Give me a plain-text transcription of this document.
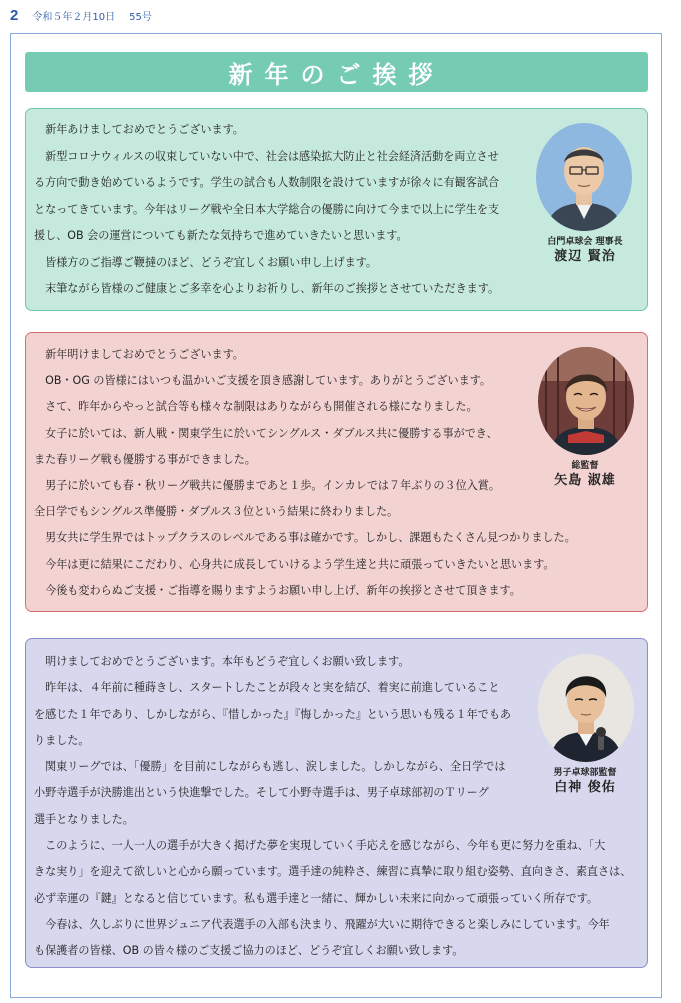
2 令和５年２月10日 55号
新年のご挨拶
　新年あけましておめでとうございます。
　新型コロナウィルスの収束していない中で、社会は感染拡大防止と社会経済活動を両立させ
る方向で動き始めているようです。学生の試合も人数制限を設けていますが徐々に有観客試合
となってきています。今年はリーグ戦や全日本大学総合の優勝に向けて今まで以上に学生を支
援し、OB 会の運営についても新たな気持ちで進めていきたいと思います。
　皆様方のご指導ご鞭撻のほど、どうぞ宜しくお願い申し上げます。
　末筆ながら皆様のご健康とご多幸を心よりお祈りし、新年のご挨拶とさせていただきます。
白門卓球会 理事長
渡辺 賢治
　新年明けましておめでとうございます。
　OB・OG の皆様にはいつも温かいご支援を頂き感謝しています。ありがとうございます。
　さて、昨年からやっと試合等も様々な制限はありながらも開催される様になりました。
　女子に於いては、新人戦・関東学生に於いてシングルス・ダブルス共に優勝する事ができ、
また春リーグ戦も優勝する事ができました。
　男子に於いても春・秋リーグ戦共に優勝まであと１歩。インカレでは７年ぶりの３位入賞。
全日学でもシングルス準優勝・ダブルス３位という結果に終わりました。
　男女共に学生界ではトップクラスのレベルである事は確かです。しかし、課題もたくさん見つかりました。
　今年は更に結果にこだわり、心身共に成長していけるよう学生達と共に頑張っていきたいと思います。
　今後も変わらぬご支援・ご指導を賜りますようお願い申し上げ、新年の挨拶とさせて頂きます。
総監督
矢島 淑雄
　明けましておめでとうございます。本年もどうぞ宜しくお願い致します。
　昨年は、４年前に種蒔きし、スタートしたことが段々と実を結び、着実に前進していること
を感じた１年であり、しかしながら、『惜しかった』『悔しかった』という思いも残る１年でもあ
りました。
　関東リーグでは、「優勝」を目前にしながらも逃し、涙しました。しかしながら、全日学では
小野寺選手が決勝進出という快進撃でした。そして小野寺選手は、男子卓球部初のＴリーグ
選手となりました。
　このように、一人一人の選手が大きく掲げた夢を実現していく手応えを感じながら、今年も更に努力を重ね、「大
きな実り」を迎えて欲しいと心から願っています。選手達の純粋さ、練習に真摯に取り組む姿勢、直向きさ、素直さは、
必ず幸運の『鍵』となると信じています。私も選手達と一緒に、輝かしい未来に向かって頑張っていく所存です。
　今春は、久しぶりに世界ジュニア代表選手の入部も決まり、飛躍が大いに期待できると楽しみにしています。今年
も保護者の皆様、OB の皆々様のご支援ご協力のほど、どうぞ宜しくお願い致します。
男子卓球部監督
白神 俊佑
